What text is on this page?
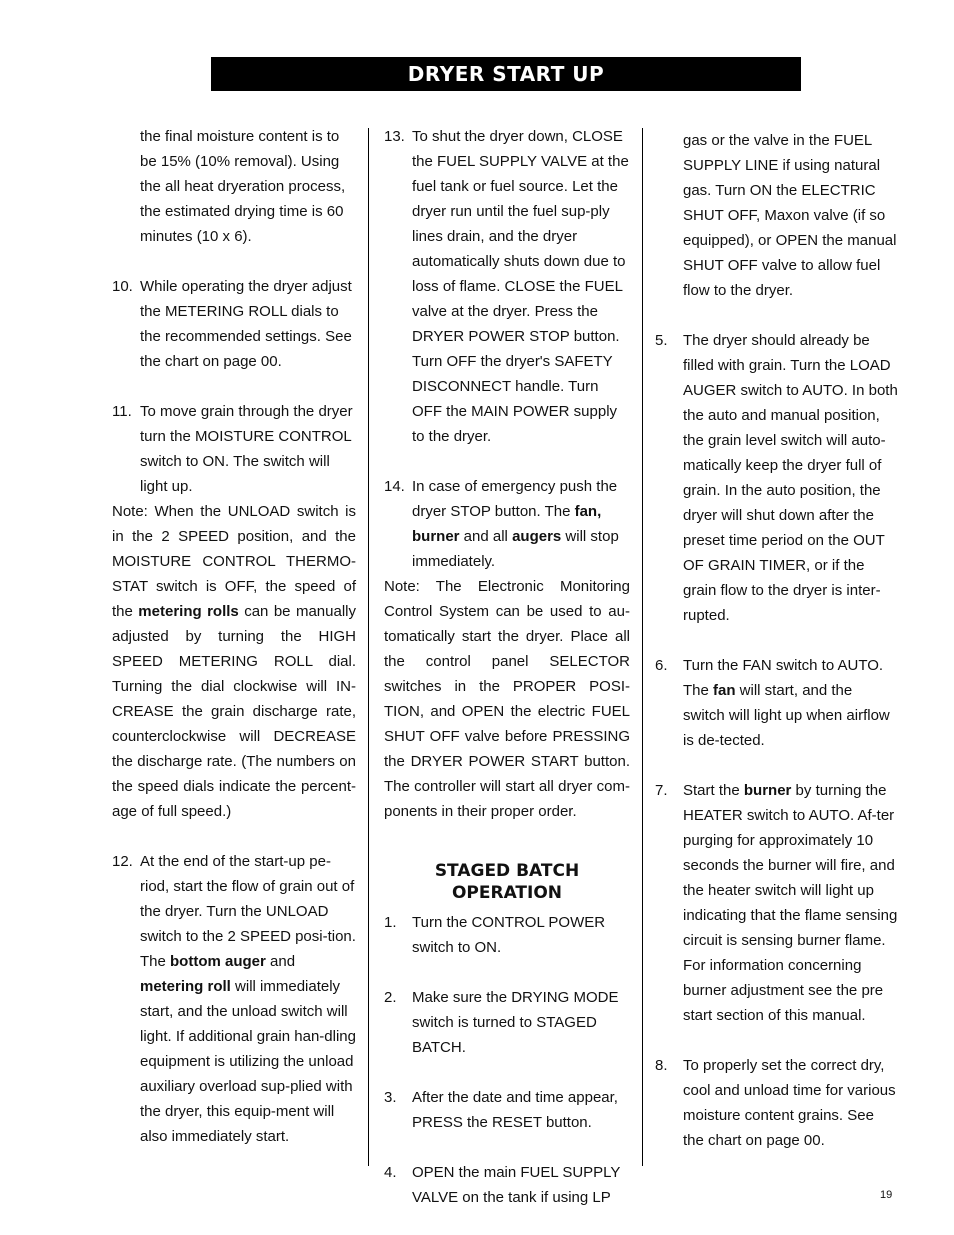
DRYER START UP
the final moisture content is to be 15% (10% removal). Using the all heat dryeration process, the estimated drying time is 60 minutes (10 x 6).
10. While operating the dryer adjust the METERING ROLL dials to the recommended settings. See the chart on page 00.
11. To move grain through the dryer turn the MOISTURE CONTROL switch to ON. The switch will light up.
Note: When the UNLOAD switch is in the 2 SPEED position, and the MOISTURE CONTROL THERMO-STAT switch is OFF, the speed of the metering rolls can be manually adjusted by turning the HIGH SPEED METERING ROLL dial. Turning the dial clockwise will IN-CREASE the grain discharge rate, counterclockwise will DECREASE the discharge rate. (The numbers on the speed dials indicate the percent-age of full speed.)
12. At the end of the start-up pe-riod, start the flow of grain out of the dryer. Turn the UNLOAD switch to the 2 SPEED posi-tion. The bottom auger and metering roll will immediately start, and the unload switch will light. If additional grain han-dling equipment is utilizing the unload auxiliary overload sup-plied with the dryer, this equip-ment will also immediately start.
13. To shut the dryer down, CLOSE the FUEL SUPPLY VALVE at the fuel tank or fuel source. Let the dryer run until the fuel sup-ply lines drain, and the dryer automatically shuts down due to loss of flame. CLOSE the FUEL valve at the dryer. Press the DRYER POWER STOP button. Turn OFF the dryer's SAFETY DISCONNECT handle. Turn OFF the MAIN POWER supply to the dryer.
14. In case of emergency push the dryer STOP button. The fan, burner and all augers will stop immediately.
Note: The Electronic Monitoring Control System can be used to au-tomatically start the dryer. Place all the control panel SELECTOR switches in the PROPER POSI-TION, and OPEN the electric FUEL SHUT OFF valve before PRESSING the DRYER POWER START button. The controller will start all dryer com-ponents in their proper order.
STAGED BATCH OPERATION
1.	Turn the CONTROL POWER switch to ON.
2.	Make sure the DRYING MODE switch is turned to STAGED BATCH.
3.	After the date and time appear, PRESS the RESET button.
4.	OPEN the main FUEL SUPPLY VALVE on the tank if using LP
gas or the valve in the FUEL SUPPLY LINE if using natural gas. Turn ON the ELECTRIC SHUT OFF, Maxon valve (if so equipped), or OPEN the manual SHUT OFF valve to allow fuel flow to the dryer.
5.	The dryer should already be filled with grain. Turn the LOAD AUGER switch to AUTO. In both the auto and manual position, the grain level switch will auto-matically keep the dryer full of grain. In the auto position, the dryer will shut down after the preset time period on the OUT OF GRAIN TIMER, or if the grain flow to the dryer is inter-rupted.
6.	Turn the FAN switch to AUTO. The fan will start, and the switch will light up when airflow is de-tected.
7.	Start the burner by turning the HEATER switch to AUTO. Af-ter purging for approximately 10 seconds the burner will fire, and the heater switch will light up indicating that the flame sensing circuit is sensing burner flame. For information concerning burner adjustment see the pre start section of this manual.
8.	To properly set the correct dry, cool and unload time for various moisture content grains. See the chart on page 00.
19
